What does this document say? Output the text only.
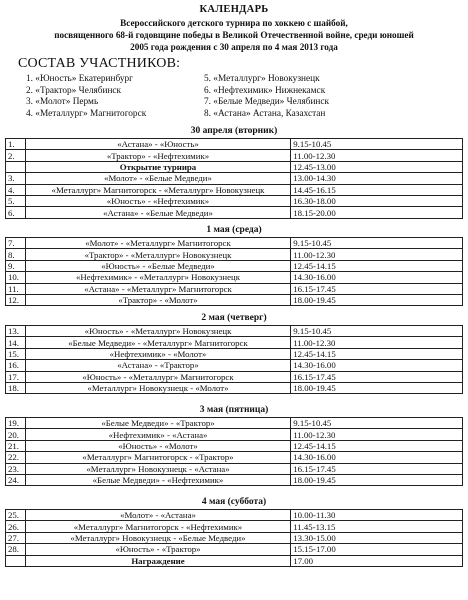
КАЛЕНДАРЬ
Всероссийского детского турнира по хоккею с шайбой,
посвященного 68-й годовщине победы в Великой Отечественной войне, среди юношей
2005 года рождения с 30 апреля по 4 мая 2013 года
СОСТАВ УЧАСТНИКОВ:
1. «Юность» Екатеринбург
2. «Трактор» Челябинск
3. «Молот» Пермь
4. «Металлург» Магнитогорск
5. «Металлург» Новокузнецк
6. «Нефтехимик» Нижнекамск
7. «Белые Медведи» Челябинск
8. «Астана» Астана, Казахстан
30 апреля (вторник)
1.	«Астана» - «Юность»	9.15-10.45
2.	«Трактор» - «Нефтехимик»	11.00-12.30
	Открытие турнира	12.45-13.00
3.	«Молот» - «Белые Медведи»	13.00-14.30
4.	«Металлург» Магнитогорск - «Металлург» Новокузнецк	14.45-16.15
5.	«Юность» - «Нефтехимик»	16.30-18.00
6.	«Астана» - «Белые Медведи»	18.15-20.00
1 мая (среда)
7.	«Молот» - «Металлург» Магнитогорск	9.15-10.45
8.	«Трактор» - «Металлург» Новокузнецк	11.00-12.30
9.	«Юность» - «Белые Медведи»	12.45-14.15
10.	«Нефтехимик» - «Металлург» Новокузнецк	14.30-16.00
11.	«Астана» - «Металлург» Магнитогорск	16.15-17.45
12.	«Трактор» - «Молот»	18.00-19.45
2 мая (четверг)
13.	«Юность» - «Металлург» Новокузнецк	9.15-10.45
14.	«Белые Медведи» - «Металлург» Магнитогорск	11.00-12.30
15.	«Нефтехимик» - «Молот»	12.45-14.15
16.	«Астана» - «Трактор»	14.30-16.00
17.	«Юность» - «Металлург» Магнитогорск	16.15-17.45
18.	«Металлург» Новокузнецк - «Молот»	18.00-19.45
3 мая (пятница)
19.	«Белые Медведи» - «Трактор»	9.15-10.45
20.	«Нефтехимик» - «Астана»	11.00-12.30
21.	«Юность» - «Молот»	12.45-14.15
22.	«Металлург» Магнитогорск - «Трактор»	14.30-16.00
23.	«Металлург» Новокузнецк - «Астана»	16.15-17.45
24.	«Белые Медведи» - «Нефтехимик»	18.00-19.45
4 мая (суббота)
25.	«Молот» - «Астана»	10.00-11.30
26.	«Металлург» Магнитогорск - «Нефтехимик»	11.45-13.15
27.	«Металлург» Новокузнецк - «Белые Медведи»	13.30-15.00
28.	«Юность» - «Трактор»	15.15-17.00
	Награждение	17.00
